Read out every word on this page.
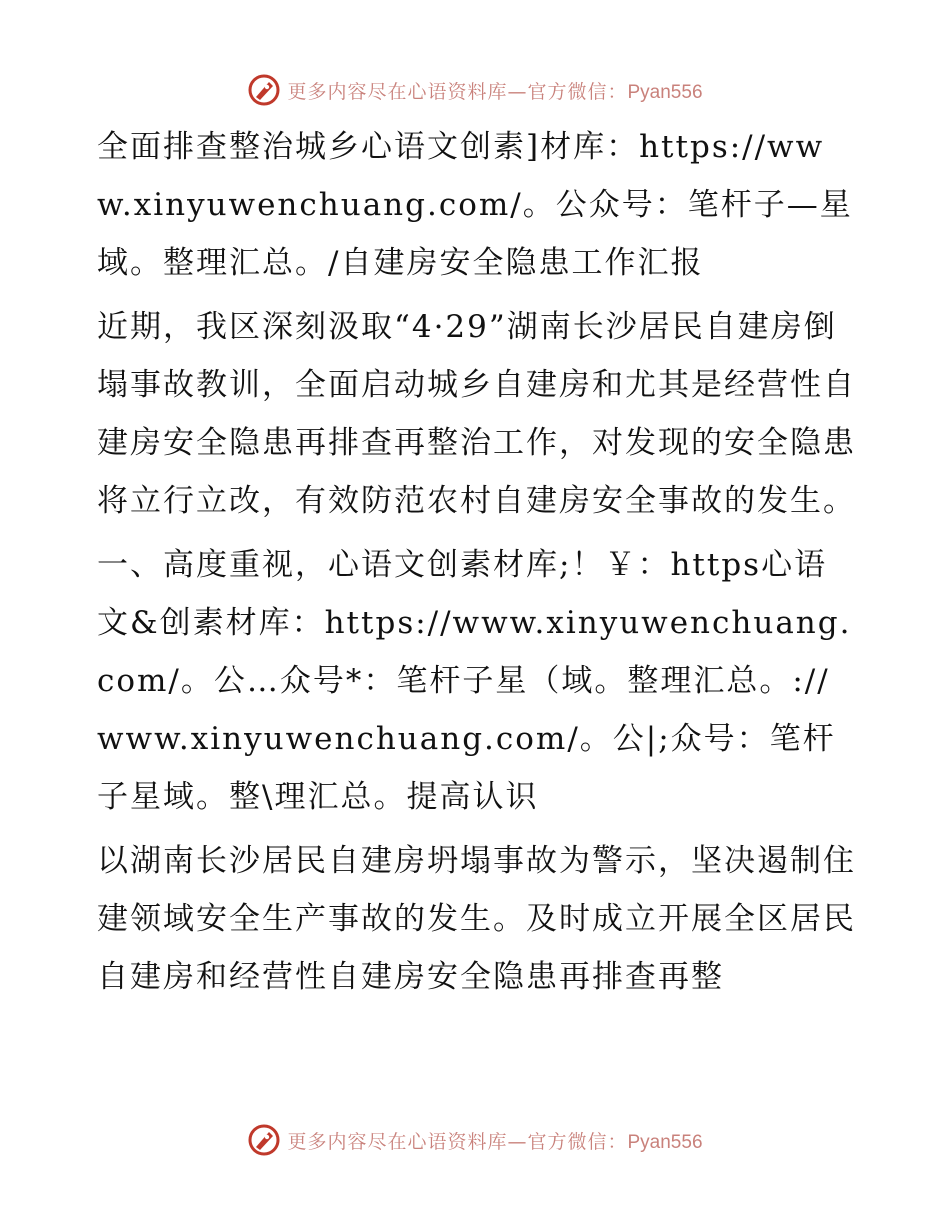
更多内容尽在心语资料库—官方微信：Pyan556

全面排查整治城乡心语文创素]材库：https://www.xinyuwenchuang.com/。公众号：笔杆子—星域。整理汇总。/自建房安全隐患工作汇报

近期，我区深刻汲取“4·29”湖南长沙居民自建房倒塌事故教训，全面启动城乡自建房和尤其是经营性自建房安全隐患再排查再整治工作，对发现的安全隐患将立行立改，有效防范农村自建房安全事故的发生。

一、高度重视，心语文创素材库;！￥：https心语文&创素材库：https://www.xinyuwenchuang.com/。公…众号*：笔杆子星（域。整理汇总。://www.xinyuwenchuang.com/。公|;众号：笔杆子星域。整\理汇总。提高认识

以湖南长沙居民自建房坍塌事故为警示，坚决遏制住建领域安全生产事故的发生。及时成立开展全区居民自建房和经营性自建房安全隐患再排查再整

更多内容尽在心语资料库—官方微信：Pyan556
